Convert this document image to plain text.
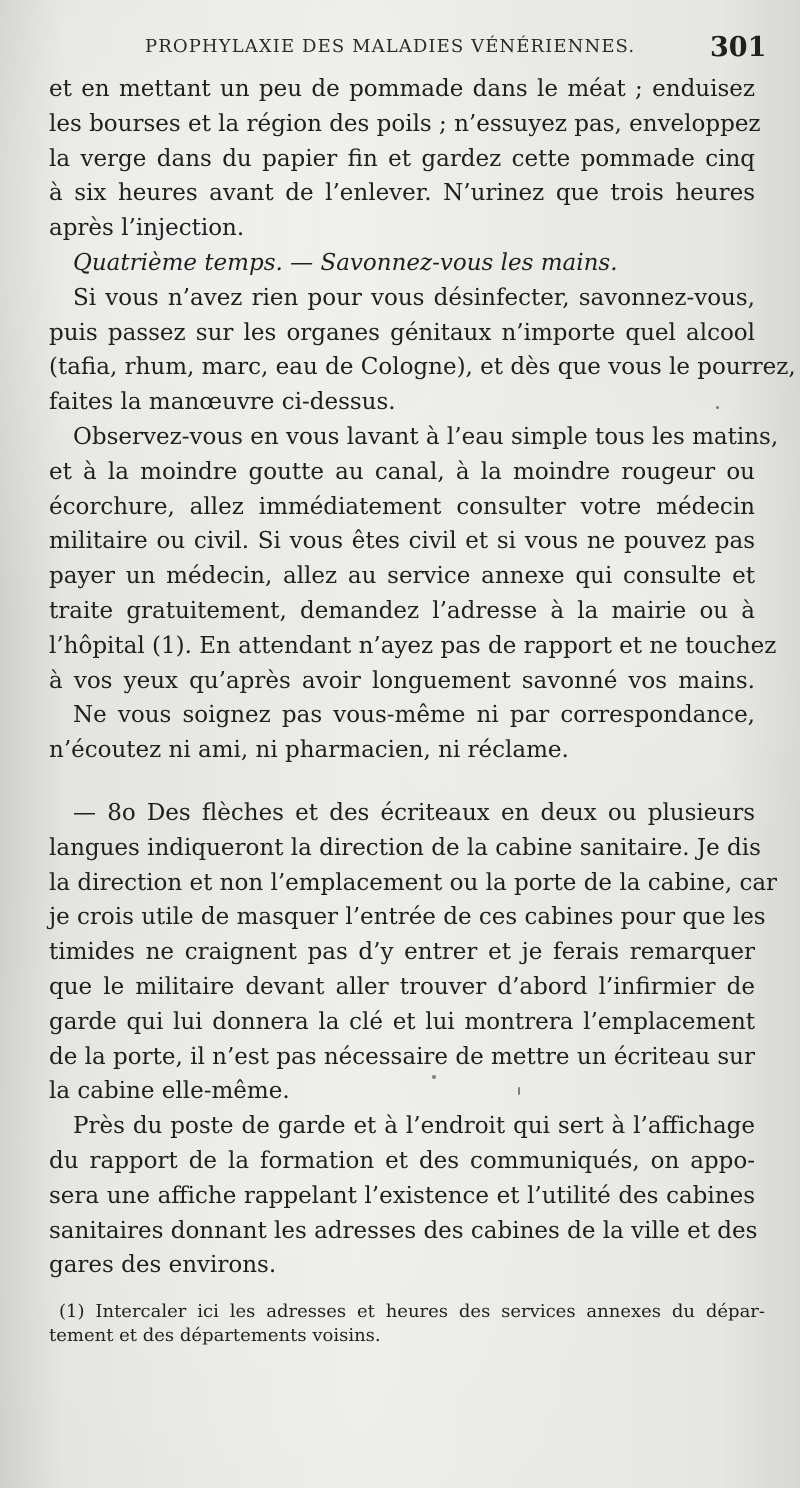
PROPHYLAXIE DES MALADIES VÉNÉRIENNES.	301
et en mettant un peu de pommade dans le méat ; enduisez
les bourses et la région des poils ; n’essuyez pas, enveloppez
la verge dans du papier fin et gardez cette pommade cinq
à six heures avant de l’enlever. N’urinez que trois heures
après l’injection.
Quatrième temps. — Savonnez-vous les mains.
Si vous n’avez rien pour vous désinfecter, savonnez-vous,
puis passez sur les organes génitaux n’importe quel alcool
(tafia, rhum, marc, eau de Cologne), et dès que vous le pourrez,
faites la manœuvre ci-dessus.
Observez-vous en vous lavant à l’eau simple tous les matins,
et à la moindre goutte au canal, à la moindre rougeur ou
écorchure, allez immédiatement consulter votre médecin
militaire ou civil. Si vous êtes civil et si vous ne pouvez pas
payer un médecin, allez au service annexe qui consulte et
traite gratuitement, demandez l’adresse à la mairie ou à
l’hôpital (1). En attendant n’ayez pas de rapport et ne touchez
à vos yeux qu’après avoir longuement savonné vos mains.
Ne vous soignez pas vous-même ni par correspondance,
n’écoutez ni ami, ni pharmacien, ni réclame.
— 8o Des flèches et des écriteaux en deux ou plusieurs
langues indiqueront la direction de la cabine sanitaire. Je dis
la direction et non l’emplacement ou la porte de la cabine, car
je crois utile de masquer l’entrée de ces cabines pour que les
timides ne craignent pas d’y entrer et je ferais remarquer
que le militaire devant aller trouver d’abord l’infirmier de
garde qui lui donnera la clé et lui montrera l’emplacement
de la porte, il n’est pas nécessaire de mettre un écriteau sur
la cabine elle-même.
Près du poste de garde et à l’endroit qui sert à l’affichage
du rapport de la formation et des communiqués, on appo-
sera une affiche rappelant l’existence et l’utilité des cabines
sanitaires donnant les adresses des cabines de la ville et des
gares des environs.
(1) Intercaler ici les adresses et heures des services annexes du dépar-
tement et des départements voisins.
